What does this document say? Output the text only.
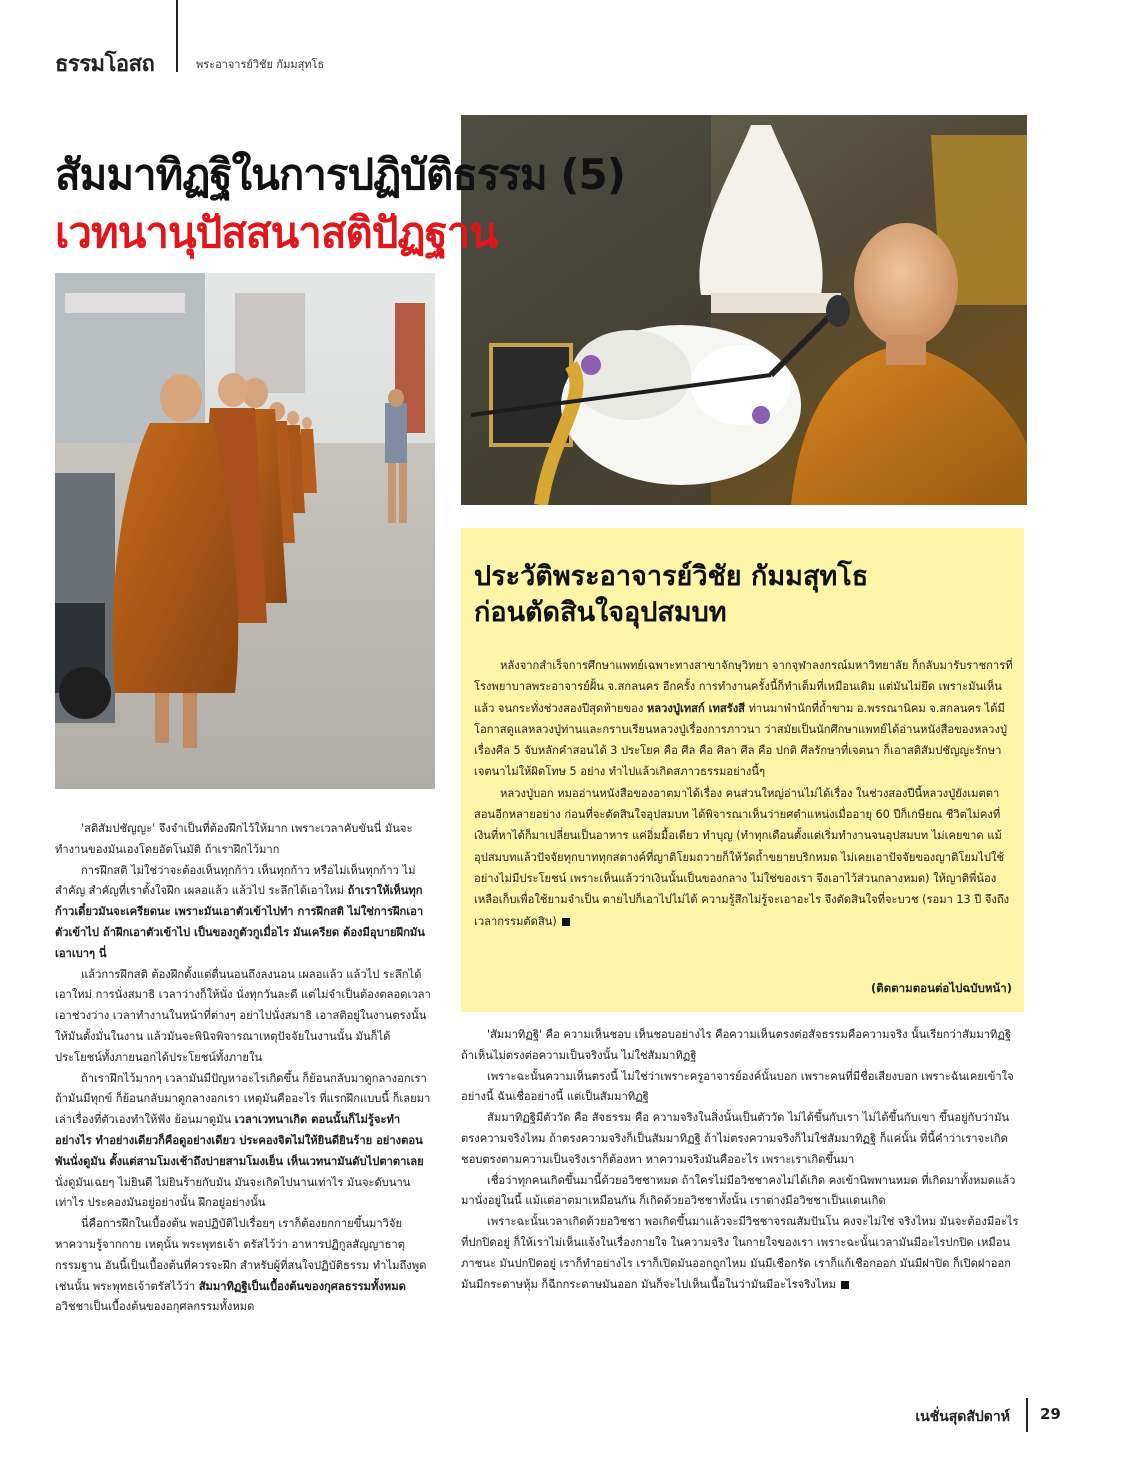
ธรรมโอสถ	พระอาจารย์วิชัย กัมมสุทโธ
สัมมาทิฏฐิในการปฏิบัติธรรม (5)
เวทนานุปัสสนาสติปัฏฐาน
ประวัติพระอาจารย์วิชัย กัมมสุทโธ
ก่อนตัดสินใจอุปสมบท

หลังจากสำเร็จการศึกษาแพทย์เฉพาะทางสาขาจักษุวิทยา จากจุฬาลงกรณ์มหาวิทยาลัย ก็กลับมารับราชการที่โรงพยาบาลพระอาจารย์ฝั้น จ.สกลนคร อีกครั้ง การทำงานครั้งนี้ก็ทำเต็มที่เหมือนเดิม แต่มันไม่ยึด เพราะมันเห็นแล้ว จนกระทั่งช่วงสองปีสุดท้ายของ หลวงปู่เทสก์ เทสรังสี ท่านมาพำนักที่ถ้ำขาม อ.พรรณานิคม จ.สกลนคร ได้มีโอกาสดูแลหลวงปู่ท่านและกราบเรียนหลวงปู่เรื่องการภาวนา ว่าสมัยเป็นนักศึกษาแพทย์ได้อ่านหนังสือของหลวงปู่เรื่องศีล 5 จับหลักคำสอนได้ 3 ประโยค คือ ศีล คือ ศิลา ศีล คือ ปกติ ศีลรักษาที่เจตนา ก็เอาสติสัมปชัญญะรักษาเจตนาไม่ให้ผิดโทษ 5 อย่าง ทำไปแล้วเกิดสภาวธรรมอย่างนี้ๆ

หลวงปู่บอก หมออ่านหนังสือของอาตมาได้เรื่อง คนส่วนใหญ่อ่านไม่ได้เรื่อง ในช่วงสองปีนี้หลวงปู่ยังเมตตาสอนอีกหลายอย่าง ก่อนที่จะตัดสินใจอุปสมบท ได้พิจารณาเห็นว่ายศตำแหน่งเมื่ออายุ 60 ปีก็เกษียณ ชีวิตไม่คงที่ เงินที่หาได้ก็มาเปลี่ยนเป็นอาหาร แค่อิ่มมื้อเดียว ทำบุญ (ทำทุกเดือนตั้งแต่เริ่มทำงานจนอุปสมบท ไม่เคยขาด แม้อุปสมบทแล้วปัจจัยทุกบาททุกสตางค์ที่ญาติโยมถวายก็ให้วัดถ้ำขยายบริกหมด ไม่เคยเอาปัจจัยของญาติโยมไปใช้อย่างไม่มีประโยชน์ เพราะเห็นแล้วว่าเงินนั้นเป็นของกลาง ไม่ใช่ของเรา จึงเอาไว้ส่วนกลางหมด) ให้ญาติพี่น้องเหลือเก็บเพื่อใช้ยามจำเป็น ตายไปก็เอาไปไม่ได้ ความรู้สึกไม่รู้จะเอาอะไร จึงตัดสินใจที่จะบวช (รอมา 13 ปี จึงถึงเวลากรรมตัดสิน)

(ติดตามตอนต่อไปฉบับหน้า)

'สติสัมปชัญญะ' จึงจำเป็นที่ต้องฝึกไว้ให้มาก เพราะเวลาคับขันนี่ มันจะทำงานของมันเองโดยอัตโนมัติ ถ้าเราฝึกไว้มาก

การฝึกสติ ไม่ใช่ว่าจะต้องเห็นทุกก้าว เห็นทุกก้าว หรือไม่เห็นทุกก้าว ไม่สำคัญ สำคัญที่เราตั้งใจฝึก เผลอแล้ว แล้วไป ระลึกได้เอาใหม่ ถ้าเราให้เห็นทุกก้าวเดี๋ยวมันจะเครียดนะ เพราะมันเอาตัวเข้าไปทำ การฝึกสติ ไม่ใช่การฝึกเอาตัวเข้าไป ถ้าฝึกเอาตัวเข้าไป เป็นของกูตัวกูเมื่อไร มันเครียด ต้องมีอุบายฝึกมัน เอาเบาๆ นี่

แล้วการฝึกสติ ต้องฝึกตั้งแต่ตื่นนอนถึงลงนอน เผลอแล้ว แล้วไป ระลึกได้เอาใหม่ การนั่งสมาธิ เวลาว่างก็ให้นั่ง นั่งทุกวันละดี แต่ไม่จำเป็นต้องตลอดเวลา เอาช่วงว่าง เวลาทำงานในหน้าที่ต่างๆ อย่าไปนั่งสมาธิ เอาสติอยู่ในงานตรงนั้น ให้มันตั้งมั่นในงาน แล้วมันจะพินิจพิจารณาเหตุปัจจัยในงานนั้น มันก็ได้ประโยชน์ทั้งภายนอกได้ประโยชน์ทั้งภายใน

ถ้าเราฝึกไว้มากๆ เวลามันมีปัญหาอะไรเกิดขึ้น ก็ย้อนกลับมาดูกลางอกเรา ถ้ามันมีทุกข์ ก็ย้อนกลับมาดูกลางอกเรา เหตุมันคืออะไร ที่แรกฝึกแบบนี้ ก็เลยมาเล่าเรื่องที่ตัวเองทำให้ฟัง ย้อนมาดูมัน เวลาเวทนาเกิด ตอนนั้นก็ไม่รู้จะทำอย่างไร ทำอย่างเดียวก็คือดูอย่างเดียว ประคองจิตไม่ให้ยินดียินร้าย อย่างตอนพันนั่งดูมัน ตั้งแต่สามโมงเช้าถึงบ่ายสามโมงเย็น เห็นเวทนามันดับไปตาตาเลย นั่งดูมันเฉยๆ ไม่ยินดี ไม่ยินร้ายกับมัน มันจะเกิดไปนานเท่าไร มันจะดับนานเท่าไร ประคองมันอยู่อย่างนั้น ฝึกอยู่อย่างนั้น

นี่คือการฝึกในเบื้องต้น พอปฏิบัติไปเรื่อยๆ เราก็ต้องยกกายขึ้นมาวิจัย หาความรู้จากกาย เหตุนั้น พระพุทธเจ้า ตรัสไว้ว่า อาหารปฏิกูลสัญญาธาตุกรรมฐาน อันนี้เป็นเบื้องต้นที่ควรจะฝึก สำหรับผู้ที่สนใจปฏิบัติธรรม ทำไมถึงพูดเช่นนั้น พระพุทธเจ้าตรัสไว้ว่า สัมมาทิฏฐิเป็นเบื้องต้นของกุศลธรรมทั้งหมด อวิชชาเป็นเบื้องต้นของอกุศลกรรมทั้งหมด

'สัมมาทิฏฐิ' คือ ความเห็นชอบ เห็นชอบอย่างไร คือความเห็นตรงต่อสัจธรรมคือความจริง นั้นเรียกว่าสัมมาทิฏฐิ ถ้าเห็นไม่ตรงต่อความเป็นจริงนั้น ไม่ใช่สัมมาทิฏฐิ

เพราะฉะนั้นความเห็นตรงนี้ ไม่ใช่ว่าเพราะครูอาจารย์องค์นั้นบอก เพราะคนที่มีชื่อเสียงบอก เพราะฉันเคยเข้าใจอย่างนี้ ฉันเชื่ออย่างนี้ แต่เป็นสัมมาทิฏฐิ

สัมมาทิฏฐิมีตัววัด คือ สัจธรรม คือ ความจริงในสิ่งนั้นเป็นตัววัด ไม่ได้ขึ้นกับเรา ไม่ได้ขึ้นกับเขา ขึ้นอยู่กับว่ามันตรงความจริงไหม ถ้าตรงความจริงก็เป็นสัมมาทิฏฐิ ถ้าไม่ตรงความจริงก็ไม่ใช่สัมมาทิฏฐิ ก็แค่นั้น ที่นี้คำว่าเราจะเกิดชอบตรงตามความเป็นจริงเราก็ต้องหา หาความจริงมันคืออะไร เพราะเราเกิดขึ้นมา

เชื่อว่าทุกคนเกิดขึ้นมานี้ด้วยอวิชชาหมด ถ้าใครไม่มีอวิชชาคงไม่ได้เกิด คงเข้านิพพานหมด ที่เกิดมาทั้งหมดแล้วมานั่งอยู่ในนี้ แม้แต่อาตมาเหมือนกัน ก็เกิดด้วยอวิชชาทั้งนั้น เราต่างมีอวิชชาเป็นแดนเกิด

เพราะฉะนั้นเวลาเกิดด้วยอวิชชา พอเกิดขึ้นมาแล้วจะมีวิชชาจรณสัมปันโน คงจะไม่ใช่ จริงไหม มันจะต้องมีอะไรที่ปกปิดอยู่ ก็ให้เราไม่เห็นแจ้งในเรื่องกายใจ ในความจริง ในกายใจของเรา เพราะฉะนั้นเวลามันมีอะไรปกปิด เหมือนภาชนะ มันปกปิดอยู่ เราก็ทำอย่างไร เราก็เปิดมันออกถูกไหม มันมีเชือกรัด เราก็แก้เชือกออก มันมีฝาปิด ก็เปิดฝาออก มันมีกระดาษหุ้ม ก็ฉีกกระดาษมันออก มันก็จะไปเห็นเนื้อในว่ามันมีอะไรจริงไหม

เนชั่นสุดสัปดาห์ 29
